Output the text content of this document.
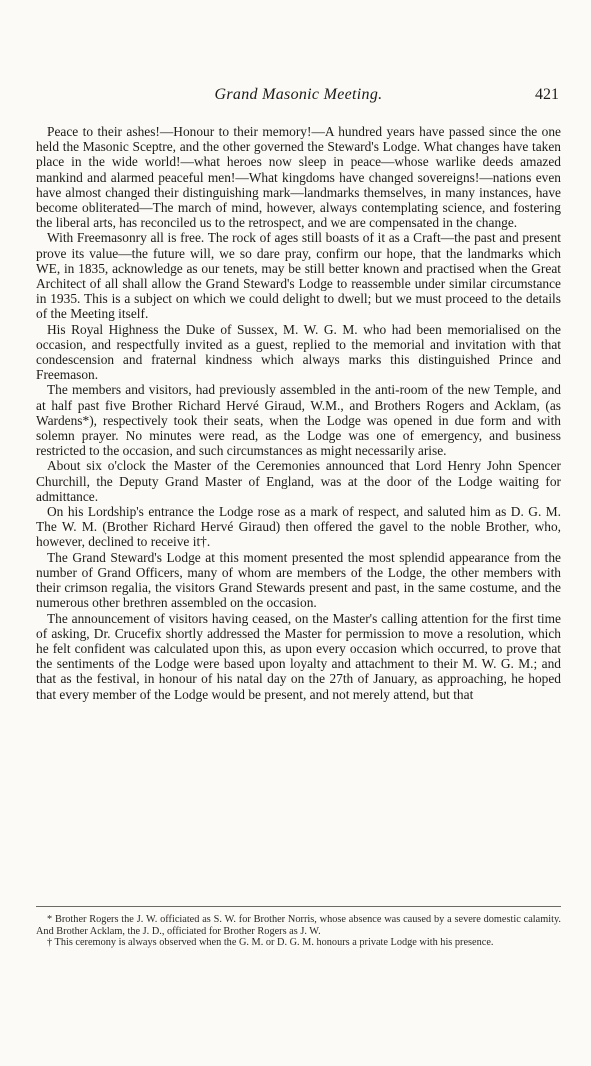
Grand Masonic Meeting.	421

Peace to their ashes!—Honour to their memory!—A hundred years have passed since the one held the Masonic Sceptre, and the other governed the Steward's Lodge. What changes have taken place in the wide world!—what heroes now sleep in peace—whose warlike deeds amazed mankind and alarmed peaceful men!—What kingdoms have changed sovereigns!—nations even have almost changed their distinguishing mark—landmarks themselves, in many instances, have become obliterated—The march of mind, however, always contemplating science, and fostering the liberal arts, has reconciled us to the retrospect, and we are compensated in the change.

With Freemasonry all is free. The rock of ages still boasts of it as a Craft—the past and present prove its value—the future will, we so dare pray, confirm our hope, that the landmarks which WE, in 1835, acknowledge as our tenets, may be still better known and practised when the Great Architect of all shall allow the Grand Steward's Lodge to reassemble under similar circumstance in 1935. This is a subject on which we could delight to dwell; but we must proceed to the details of the Meeting itself.

His Royal Highness the Duke of Sussex, M. W. G. M. who had been memorialised on the occasion, and respectfully invited as a guest, replied to the memorial and invitation with that condescension and fraternal kindness which always marks this distinguished Prince and Freemason.

The members and visitors, had previously assembled in the anti-room of the new Temple, and at half past five Brother Richard Hervé Giraud, W.M., and Brothers Rogers and Acklam, (as Wardens*), respectively took their seats, when the Lodge was opened in due form and with solemn prayer. No minutes were read, as the Lodge was one of emergency, and business restricted to the occasion, and such circumstances as might necessarily arise.

About six o'clock the Master of the Ceremonies announced that Lord Henry John Spencer Churchill, the Deputy Grand Master of England, was at the door of the Lodge waiting for admittance.

On his Lordship's entrance the Lodge rose as a mark of respect, and saluted him as D. G. M. The W. M. (Brother Richard Hervé Giraud) then offered the gavel to the noble Brother, who, however, declined to receive it†.

The Grand Steward's Lodge at this moment presented the most splendid appearance from the number of Grand Officers, many of whom are members of the Lodge, the other members with their crimson regalia, the visitors Grand Stewards present and past, in the same costume, and the numerous other brethren assembled on the occasion.

The announcement of visitors having ceased, on the Master's calling attention for the first time of asking, Dr. Crucefix shortly addressed the Master for permission to move a resolution, which he felt confident was calculated upon this, as upon every occasion which occurred, to prove that the sentiments of the Lodge were based upon loyalty and attachment to their M. W. G. M.; and that as the festival, in honour of his natal day on the 27th of January, as approaching, he hoped that every member of the Lodge would be present, and not merely attend, but that

* Brother Rogers the J. W. officiated as S. W. for Brother Norris, whose absence was caused by a severe domestic calamity. And Brother Acklam, the J. D., officiated for Brother Rogers as J. W.

† This ceremony is always observed when the G. M. or D. G. M. honours a private Lodge with his presence.
